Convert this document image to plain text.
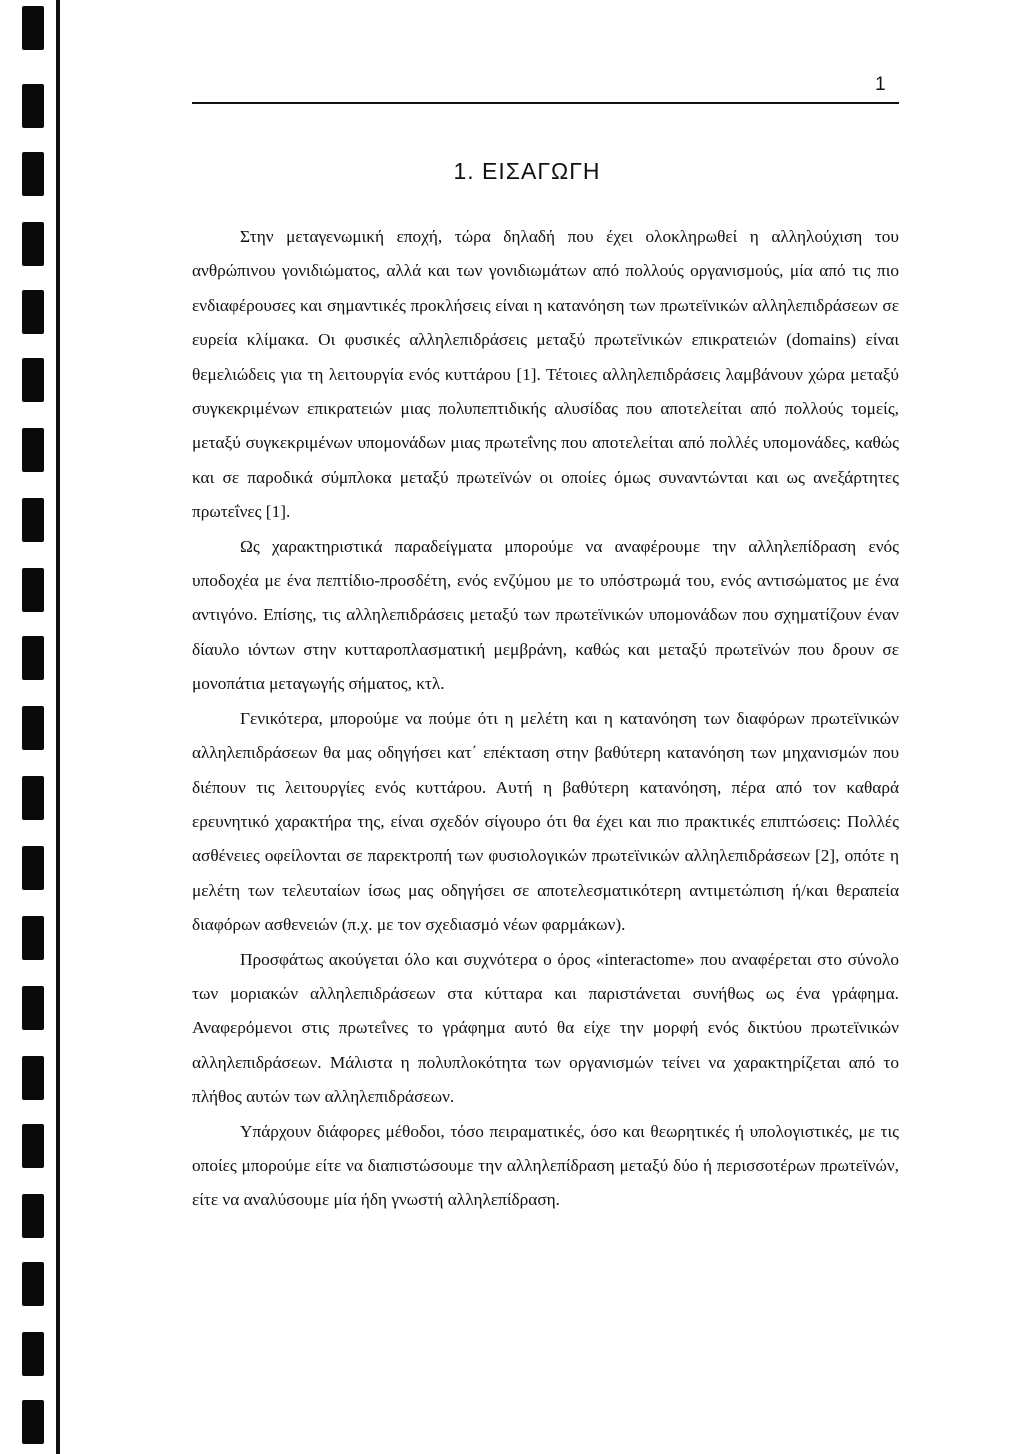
1
1. ΕΙΣΑΓΩΓΗ

Στην μεταγενωμική εποχή, τώρα δηλαδή που έχει ολοκληρωθεί η αλληλούχιση του ανθρώπινου γονιδιώματος, αλλά και των γονιδιωμάτων από πολλούς οργανισμούς, μία από τις πιο ενδιαφέρουσες και σημαντικές προκλήσεις είναι η κατανόηση των πρωτεϊνικών αλληλεπιδράσεων σε ευρεία κλίμακα. Οι φυσικές αλληλεπιδράσεις μεταξύ πρωτεϊνικών επικρατειών (domains) είναι θεμελιώδεις για τη λειτουργία ενός κυττάρου [1]. Τέτοιες αλληλεπιδράσεις λαμβάνουν χώρα μεταξύ συγκεκριμένων επικρατειών μιας πολυπεπτιδικής αλυσίδας που αποτελείται από πολλούς τομείς, μεταξύ συγκεκριμένων υπομονάδων μιας πρωτεΐνης που αποτελείται από πολλές υπομονάδες, καθώς και σε παροδικά σύμπλοκα μεταξύ πρωτεϊνών οι οποίες όμως συναντώνται και ως ανεξάρτητες πρωτεΐνες [1].

Ως χαρακτηριστικά παραδείγματα μπορούμε να αναφέρουμε την αλληλεπίδραση ενός υποδοχέα με ένα πεπτίδιο-προσδέτη, ενός ενζύμου με το υπόστρωμά του, ενός αντισώματος με ένα αντιγόνο. Επίσης, τις αλληλεπιδράσεις μεταξύ των πρωτεϊνικών υπομονάδων που σχηματίζουν έναν δίαυλο ιόντων στην κυτταροπλασματική μεμβράνη, καθώς και μεταξύ πρωτεϊνών που δρουν σε μονοπάτια μεταγωγής σήματος, κτλ.

Γενικότερα, μπορούμε να πούμε ότι η μελέτη και η κατανόηση των διαφόρων πρωτεϊνικών αλληλεπιδράσεων θα μας οδηγήσει κατ΄ επέκταση στην βαθύτερη κατανόηση των μηχανισμών που διέπουν τις λειτουργίες ενός κυττάρου. Αυτή η βαθύτερη κατανόηση, πέρα από τον καθαρά ερευνητικό χαρακτήρα της, είναι σχεδόν σίγουρο ότι θα έχει και πιο πρακτικές επιπτώσεις: Πολλές ασθένειες οφείλονται σε παρεκτροπή των φυσιολογικών πρωτεϊνικών αλληλεπιδράσεων [2], οπότε η μελέτη των τελευταίων ίσως μας οδηγήσει σε αποτελεσματικότερη αντιμετώπιση ή/και θεραπεία διαφόρων ασθενειών (π.χ. με τον σχεδιασμό νέων φαρμάκων).

Προσφάτως ακούγεται όλο και συχνότερα ο όρος «interactome» που αναφέρεται στο σύνολο των μοριακών αλληλεπιδράσεων στα κύτταρα και παριστάνεται συνήθως ως ένα γράφημα. Αναφερόμενοι στις πρωτεΐνες το γράφημα αυτό θα είχε την μορφή ενός δικτύου πρωτεϊνικών αλληλεπιδράσεων. Μάλιστα η πολυπλοκότητα των οργανισμών τείνει να χαρακτηρίζεται από το πλήθος αυτών των αλληλεπιδράσεων.

Υπάρχουν διάφορες μέθοδοι, τόσο πειραματικές, όσο και θεωρητικές ή υπολογιστικές, με τις οποίες μπορούμε είτε να διαπιστώσουμε την αλληλεπίδραση μεταξύ δύο ή περισσοτέρων πρωτεϊνών, είτε να αναλύσουμε μία ήδη γνωστή αλληλεπίδραση.
